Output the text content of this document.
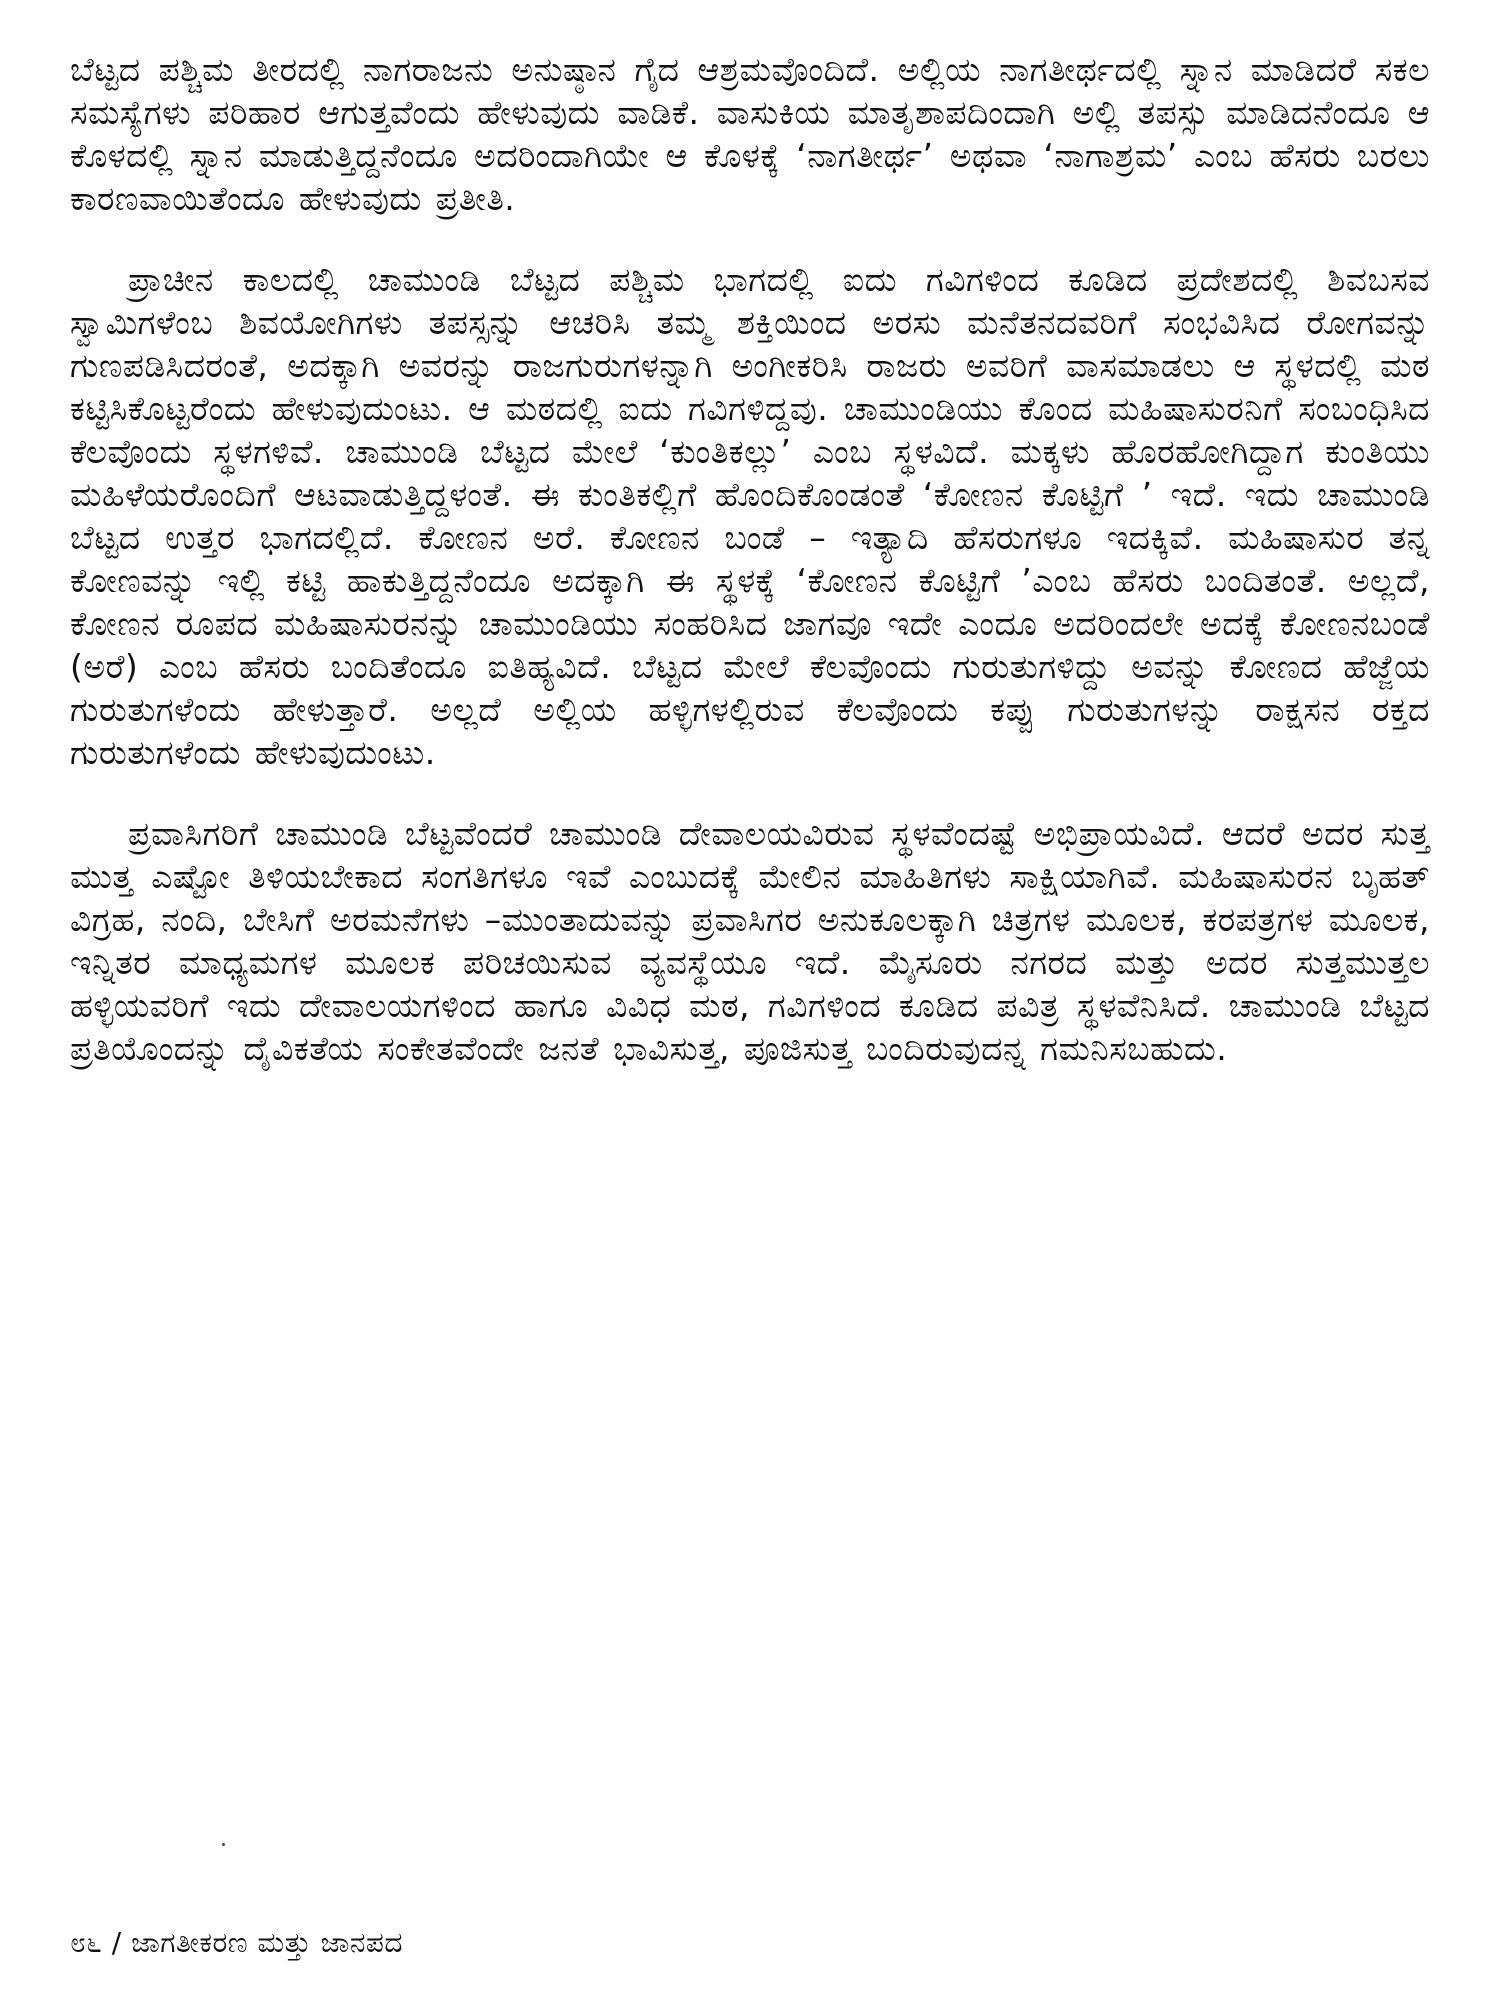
ಬೆಟ್ಟದ ಪಶ್ಚಿಮ ತೀರದಲ್ಲಿ ನಾಗರಾಜನು ಅನುಷ್ಠಾನ ಗೈದ ಆಶ್ರಮವೊಂದಿದೆ. ಅಲ್ಲಿಯ ನಾಗತೀರ್ಥದಲ್ಲಿ ಸ್ನಾನ ಮಾಡಿದರೆ ಸಕಲ ಸಮಸ್ಯೆಗಳು ಪರಿಹಾರ ಆಗುತ್ತವೆಂದು ಹೇಳುವುದು ವಾಡಿಕೆ. ವಾಸುಕಿಯ ಮಾತೃಶಾಪದಿಂದಾಗಿ ಅಲ್ಲಿ ತಪಸ್ಸು ಮಾಡಿದನೆಂದೂ ಆ ಕೊಳದಲ್ಲಿ ಸ್ನಾನ ಮಾಡುತ್ತಿದ್ದನೆಂದೂ ಅದರಿಂದಾಗಿಯೇ ಆ ಕೊಳಕ್ಕೆ ‘ನಾಗತೀರ್ಥ’ ಅಥವಾ ‘ನಾಗಾಶ್ರಮ’ ಎಂಬ ಹೆಸರು ಬರಲು ಕಾರಣವಾಯಿತೆಂದೂ ಹೇಳುವುದು ಪ್ರತೀತಿ.

ಪ್ರಾಚೀನ ಕಾಲದಲ್ಲಿ ಚಾಮುಂಡಿ ಬೆಟ್ಟದ ಪಶ್ಚಿಮ ಭಾಗದಲ್ಲಿ ಐದು ಗವಿಗಳಿಂದ ಕೂಡಿದ ಪ್ರದೇಶದಲ್ಲಿ ಶಿವಬಸವ ಸ್ವಾಮಿಗಳೆಂಬ ಶಿವಯೋಗಿಗಳು ತಪಸ್ಸನ್ನು ಆಚರಿಸಿ ತಮ್ಮ ಶಕ್ತಿಯಿಂದ ಅರಸು ಮನೆತನದವರಿಗೆ ಸಂಭವಿಸಿದ ರೋಗವನ್ನು ಗುಣಪಡಿಸಿದರಂತೆ, ಅದಕ್ಕಾಗಿ ಅವರನ್ನು ರಾಜಗುರುಗಳನ್ನಾಗಿ ಅಂಗೀಕರಿಸಿ ರಾಜರು ಅವರಿಗೆ ವಾಸಮಾಡಲು ಆ ಸ್ಥಳದಲ್ಲಿ ಮಠ ಕಟ್ಟಿಸಿಕೊಟ್ಟರೆಂದು ಹೇಳುವುದುಂಟು. ಆ ಮಠದಲ್ಲಿ ಐದು ಗವಿಗಳಿದ್ದವು. ಚಾಮುಂಡಿಯು ಕೊಂದ ಮಹಿಷಾಸುರನಿಗೆ ಸಂಬಂಧಿಸಿದ ಕೆಲವೊಂದು ಸ್ಥಳಗಳಿವೆ. ಚಾಮುಂಡಿ ಬೆಟ್ಟದ ಮೇಲೆ ‘ಕುಂತಿಕಲ್ಲು’ ಎಂಬ ಸ್ಥಳವಿದೆ. ಮಕ್ಕಳು ಹೊರಹೋಗಿದ್ದಾಗ ಕುಂತಿಯು ಮಹಿಳೆಯರೊಂದಿಗೆ ಆಟವಾಡುತ್ತಿದ್ದಳಂತೆ. ಈ ಕುಂತಿಕಲ್ಲಿಗೆ ಹೊಂದಿಕೊಂಡಂತೆ ‘ಕೋಣನ ಕೊಟ್ಟಿಗೆ ’ ಇದೆ. ಇದು ಚಾಮುಂಡಿ ಬೆಟ್ಟದ ಉತ್ತರ ಭಾಗದಲ್ಲಿದೆ. ಕೋಣನ ಅರೆ. ಕೋಣನ ಬಂಡೆ – ಇತ್ಯಾದಿ ಹೆಸರುಗಳೂ ಇದಕ್ಕಿವೆ. ಮಹಿಷಾಸುರ ತನ್ನ ಕೋಣವನ್ನು ಇಲ್ಲಿ ಕಟ್ಟಿ ಹಾಕುತ್ತಿದ್ದನೆಂದೂ ಅದಕ್ಕಾಗಿ ಈ ಸ್ಥಳಕ್ಕೆ ‘ಕೋಣನ ಕೊಟ್ಟಿಗೆ ’ಎಂಬ ಹೆಸರು ಬಂದಿತಂತೆ. ಅಲ್ಲದೆ, ಕೋಣನ ರೂಪದ ಮಹಿಷಾಸುರನನ್ನು ಚಾಮುಂಡಿಯು ಸಂಹರಿಸಿದ ಜಾಗವೂ ಇದೇ ಎಂದೂ ಅದರಿಂದಲೇ ಅದಕ್ಕೆ ಕೋಣನಬಂಡೆ (ಅರೆ) ಎಂಬ ಹೆಸರು ಬಂದಿತೆಂದೂ ಐತಿಹ್ಯವಿದೆ. ಬೆಟ್ಟದ ಮೇಲೆ ಕೆಲವೊಂದು ಗುರುತುಗಳಿದ್ದು ಅವನ್ನು ಕೋಣದ ಹೆಜ್ಜೆಯ ಗುರುತುಗಳೆಂದು ಹೇಳುತ್ತಾರೆ. ಅಲ್ಲದೆ ಅಲ್ಲಿಯ ಹಳ್ಳಿಗಳಲ್ಲಿರುವ ಕೆಲವೊಂದು ಕಪ್ಪು ಗುರುತುಗಳನ್ನು ರಾಕ್ಷಸನ ರಕ್ತದ ಗುರುತುಗಳೆಂದು ಹೇಳುವುದುಂಟು.

ಪ್ರವಾಸಿಗರಿಗೆ ಚಾಮುಂಡಿ ಬೆಟ್ಟವೆಂದರೆ ಚಾಮುಂಡಿ ದೇವಾಲಯವಿರುವ ಸ್ಥಳವೆಂದಷ್ಟೆ ಅಭಿಪ್ರಾಯವಿದೆ. ಆದರೆ ಅದರ ಸುತ್ತ ಮುತ್ತ ಎಷ್ಟೋ ತಿಳಿಯಬೇಕಾದ ಸಂಗತಿಗಳೂ ಇವೆ ಎಂಬುದಕ್ಕೆ ಮೇಲಿನ ಮಾಹಿತಿಗಳು ಸಾಕ್ಷಿಯಾಗಿವೆ. ಮಹಿಷಾಸುರನ ಬೃಹತ್ ವಿಗ್ರಹ, ನಂದಿ, ಬೇಸಿಗೆ ಅರಮನೆಗಳು –ಮುಂತಾದುವನ್ನು ಪ್ರವಾಸಿಗರ ಅನುಕೂಲಕ್ಕಾಗಿ ಚಿತ್ರಗಳ ಮೂಲಕ, ಕರಪತ್ರಗಳ ಮೂಲಕ, ಇನ್ನಿತರ ಮಾಧ್ಯಮಗಳ ಮೂಲಕ ಪರಿಚಯಿಸುವ ವ್ಯವಸ್ಥೆಯೂ ಇದೆ. ಮೈಸೂರು ನಗರದ ಮತ್ತು ಅದರ ಸುತ್ತಮುತ್ತಲ ಹಳ್ಳಿಯವರಿಗೆ ಇದು ದೇವಾಲಯಗಳಿಂದ ಹಾಗೂ ವಿವಿಧ ಮಠ, ಗವಿಗಳಿಂದ ಕೂಡಿದ ಪವಿತ್ರ ಸ್ಥಳವೆನಿಸಿದೆ. ಚಾಮುಂಡಿ ಬೆಟ್ಟದ ಪ್ರತಿಯೊಂದನ್ನು ದೈವಿಕತೆಯ ಸಂಕೇತವೆಂದೇ ಜನತೆ ಭಾವಿಸುತ್ತ, ಪೂಜಿಸುತ್ತ ಬಂದಿರುವುದನ್ನ ಗಮನಿಸಬಹುದು.

೮೬ / ಜಾಗತೀಕರಣ ಮತ್ತು ಜಾನಪದ
